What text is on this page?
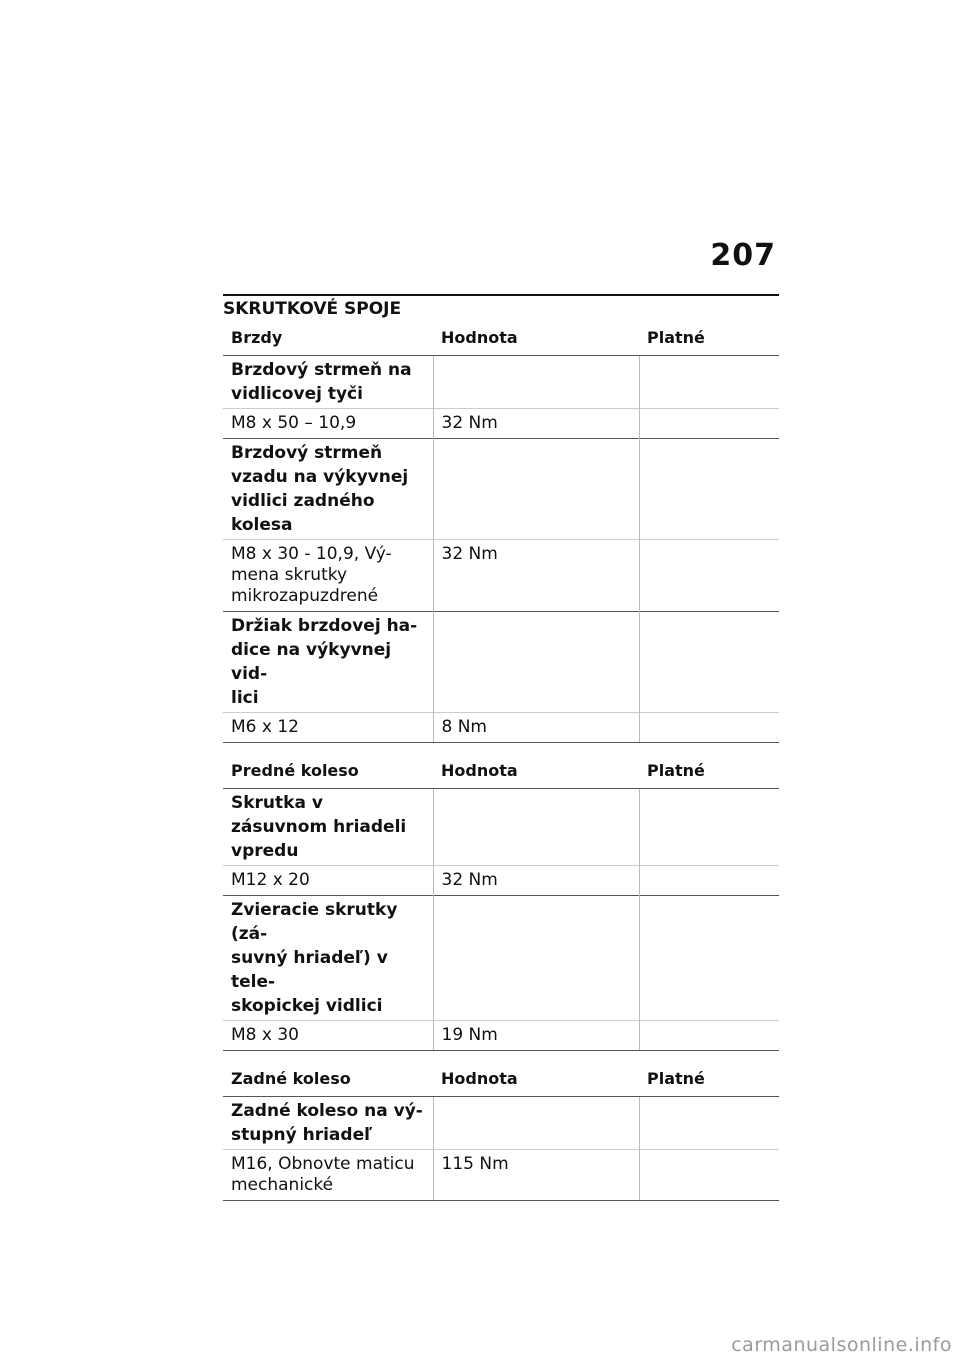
207
SKRUTKOVÉ SPOJE
Brzdy	Hodnota	Platné
Brzdový strmeň na vidlicovej tyči		
M8 x 50 – 10,9	32 Nm	
Brzdový strmeň vzadu na výkyvnej vidlici zadného kolesa		
M8 x 30 - 10,9, Vý-
mena skrutky
mikrozapuzdrené	32 Nm	
Držiak brzdovej ha-
dice na výkyvnej vid-
lici		
M6 x 12	8 Nm	
Predné koleso	Hodnota	Platné
Skrutka v zásuvnom hriadeli vpredu		
M12 x 20	32 Nm	
Zvieracie skrutky (zá-
suvný hriadeľ) v tele-
skopickej vidlici		
M8 x 30	19 Nm	
Zadné koleso	Hodnota	Platné
Zadné koleso na vý-
stupný hriadeľ		
M16, Obnovte maticu
mechanické	115 Nm	
carmanualsonline.info
